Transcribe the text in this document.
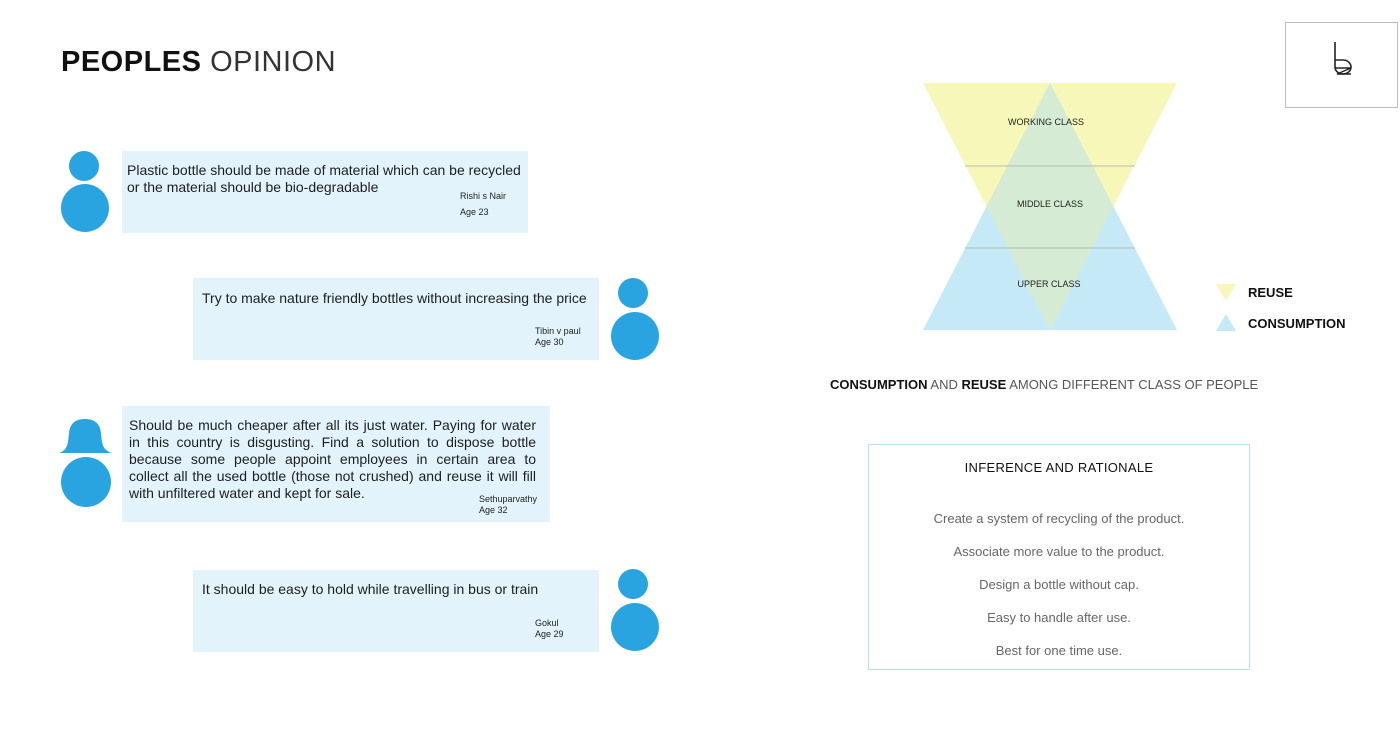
PEOPLES OPINION
Plastic bottle should be made of material which can be recycled or the material should be bio-degradable
Rishi s Nair
Age 23
Try to make nature friendly bottles without increasing the price
Tibin v paul
Age 30
Should be much cheaper after all its just water. Paying for water in this country is disgusting. Find a solution to dispose bottle because some people appoint employees in certain area to collect all the used bottle (those not crushed) and reuse it will fill with unfiltered water and kept for sale.	Sethuparvathy
Age 32
It should be easy to hold while travelling in bus or train
Gokul
Age 29
WORKING CLASS
MIDDLE CLASS
UPPER CLASS
REUSE
CONSUMPTION
CONSUMPTION AND REUSE AMONG DIFFERENT CLASS OF PEOPLE
INFERENCE AND RATIONALE
Create a system of recycling of the product.
Associate more value to the product.
Design a bottle without cap.
Easy to handle after use.
Best for one time use.
